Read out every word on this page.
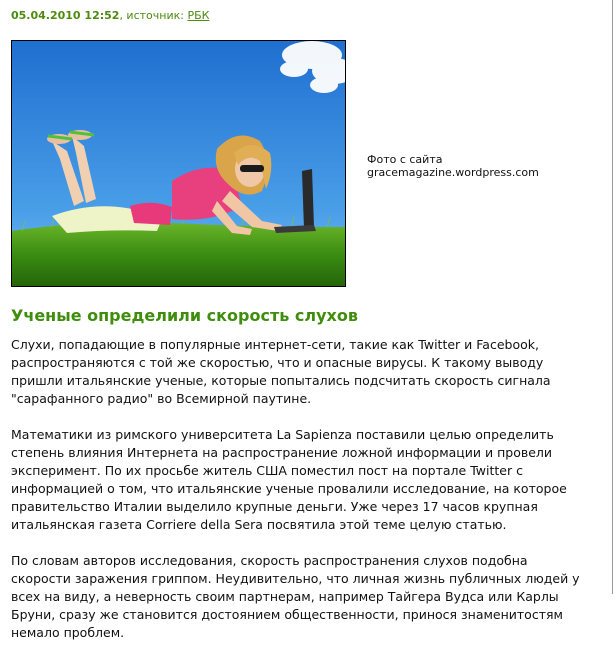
05.04.2010 12:52, источник: РБК
Фото с сайта
gracemagazine.wordpress.com
Ученые определили скорость слухов

Слухи, попадающие в популярные интернет-сети, такие как Twitter и Facebook,
распространяются с той же скоростью, что и опасные вирусы. К такому выводу
пришли итальянские ученые, которые попытались подсчитать скорость сигнала
"сарафанного радио" во Всемирной паутине.

Математики из римского университета La Sapienza поставили целью определить
степень влияния Интернета на распространение ложной информации и провели
эксперимент. По их просьбе житель США поместил пост на портале Twitter с
информацией о том, что итальянские ученые провалили исследование, на которое
правительство Италии выделило крупные деньги. Уже через 17 часов крупная
итальянская газета Corriere della Sera посвятила этой теме целую статью.

По словам авторов исследования, скорость распространения слухов подобна
скорости заражения гриппом. Неудивительно, что личная жизнь публичных людей у
всех на виду, а неверность своим партнерам, например Тайгера Вудса или Карлы
Бруни, сразу же становится достоянием общественности, принося знаменитостям
немало проблем.
